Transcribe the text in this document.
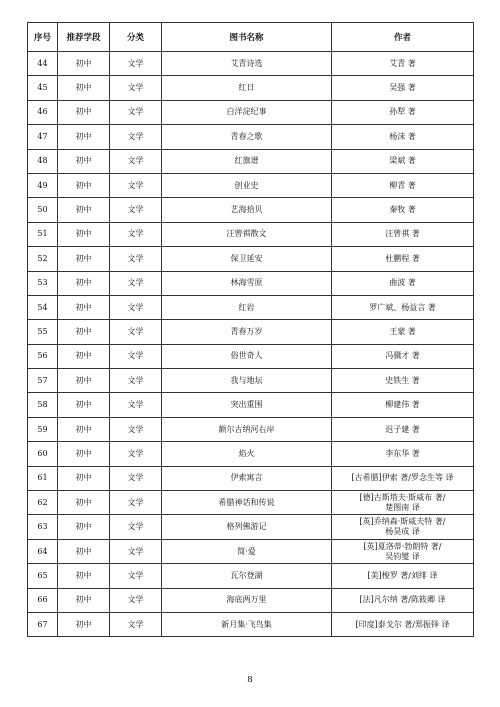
序号	推荐学段	分类	图书名称	作者
44	初中	文学	艾青诗选	艾青 著
45	初中	文学	红日	吴强 著
46	初中	文学	白洋淀纪事	孙犁 著
47	初中	文学	青春之歌	杨沫 著
48	初中	文学	红旗谱	梁斌 著
49	初中	文学	创业史	柳青 著
50	初中	文学	艺海拾贝	秦牧 著
51	初中	文学	汪曾祺散文	汪曾祺 著
52	初中	文学	保卫延安	杜鹏程 著
53	初中	文学	林海雪原	曲波 著
54	初中	文学	红岩	罗广斌、杨益言 著
55	初中	文学	青春万岁	王蒙 著
56	初中	文学	俗世奇人	冯骥才 著
57	初中	文学	我与地坛	史铁生 著
58	初中	文学	突出重围	柳建伟 著
59	初中	文学	额尔古纳河右岸	迟子建 著
60	初中	文学	焰火	李东华 著
61	初中	文学	伊索寓言	[古希腊]伊索 著/罗念生等 译
62	初中	文学	希腊神话和传说	[德]古斯塔夫·斯威布 著/
楚图南 译
63	初中	文学	格列佛游记	[英]乔纳森·斯威夫特 著/
杨昊成 译
64	初中	文学	简·爱	[英]夏洛蒂·勃朗特 著/
吴钧燮 译
65	初中	文学	瓦尔登湖	[美]梭罗 著/刘绯 译
66	初中	文学	海底两万里	[法]凡尔纳 著/陈筱卿 译
67	初中	文学	新月集·飞鸟集	[印度]泰戈尔 著/郑振铎 译
8
